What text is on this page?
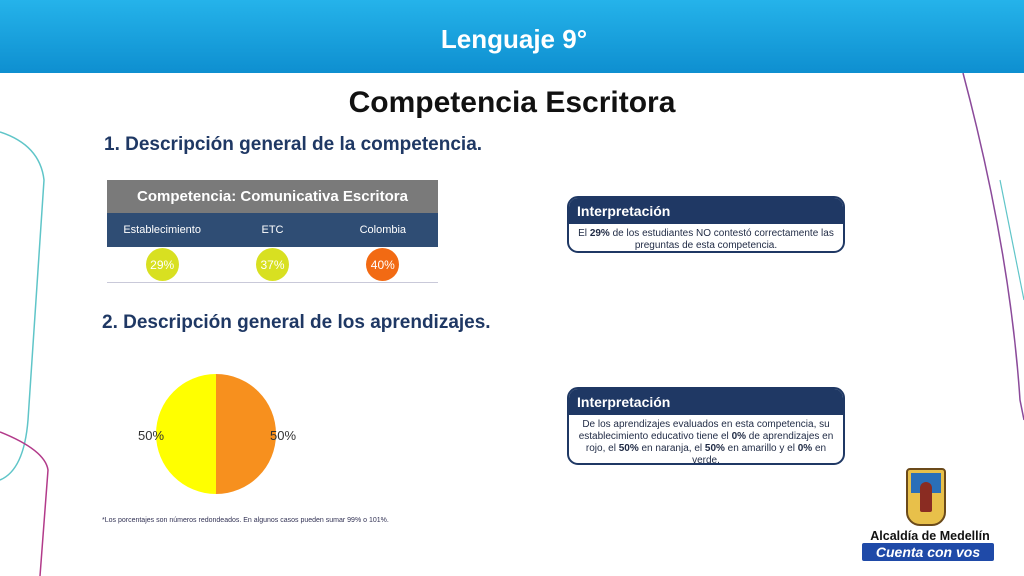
Lenguaje 9°
Competencia Escritora
1. Descripción general de la competencia.
Competencia: Comunicativa Escritora
Establecimiento	ETC	Colombia
29%	37%	40%
Interpretación
El 29% de los estudiantes NO contestó correctamente las preguntas de esta competencia.
2. Descripción general de los aprendizajes.
50%	50%
Interpretación
De los aprendizajes evaluados en esta competencia, su establecimiento educativo tiene el 0% de aprendizajes en rojo, el 50% en naranja, el 50% en amarillo y el 0% en verde.
*Los porcentajes son números redondeados. En algunos casos pueden sumar 99% o 101%.
Alcaldía de Medellín
Cuenta con vos
